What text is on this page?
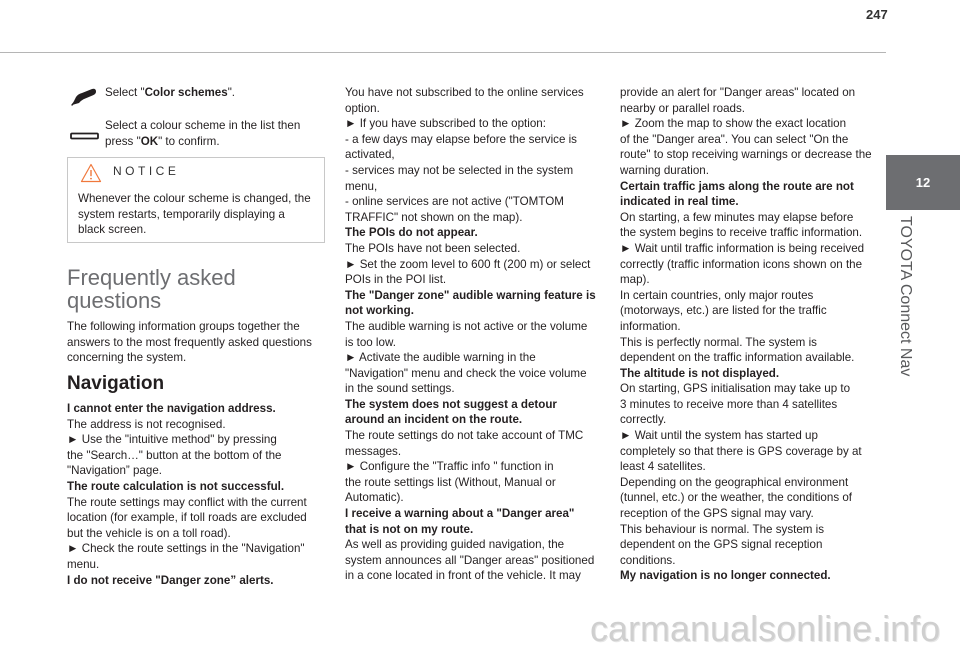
247
12
TOYOTA Connect Nav
Select "Color schemes".
Select a colour scheme in the list then
press "OK" to confirm.
NOTICE
Whenever the colour scheme is changed, the
system restarts, temporarily displaying a
black screen.
Frequently asked
questions
The following information groups together the
answers to the most frequently asked questions
concerning the system.
Navigation
I cannot enter the navigation address.
The address is not recognised.
► Use the "intuitive method" by pressing
the "Search…" button at the bottom of the
"Navigation” page.
The route calculation is not successful.
The route settings may conflict with the current
location (for example, if toll roads are excluded
but the vehicle is on a toll road).
► Check the route settings in the "Navigation"
menu.
I do not receive "Danger zone” alerts.
You have not subscribed to the online services
option.
► If you have subscribed to the option:
- a few days may elapse before the service is
activated,
- services may not be selected in the system
menu,
- online services are not active ("TOMTOM
TRAFFIC" not shown on the map).
The POIs do not appear.
The POIs have not been selected.
► Set the zoom level to 600 ft (200 m) or select
POIs in the POI list.
The "Danger zone" audible warning feature is
not working.
The audible warning is not active or the volume
is too low.
► Activate the audible warning in the
"Navigation" menu and check the voice volume
in the sound settings.
The system does not suggest a detour
around an incident on the route.
The route settings do not take account of TMC
messages.
► Configure the "Traffic info " function in
the route settings list (Without, Manual or
Automatic).
I receive a warning about a "Danger area"
that is not on my route.
As well as providing guided navigation, the
system announces all "Danger areas" positioned
in a cone located in front of the vehicle. It may
provide an alert for "Danger areas" located on
nearby or parallel roads.
► Zoom the map to show the exact location
of the "Danger area". You can select "On the
route" to stop receiving warnings or decrease the
warning duration.
Certain traffic jams along the route are not
indicated in real time.
On starting, a few minutes may elapse before
the system begins to receive traffic information.
► Wait until traffic information is being received
correctly (traffic information icons shown on the
map).
In certain countries, only major routes
(motorways, etc.) are listed for the traffic
information.
This is perfectly normal. The system is
dependent on the traffic information available.
The altitude is not displayed.
On starting, GPS initialisation may take up to
3 minutes to receive more than 4 satellites
correctly.
► Wait until the system has started up
completely so that there is GPS coverage by at
least 4 satellites.
Depending on the geographical environment
(tunnel, etc.) or the weather, the conditions of
reception of the GPS signal may vary.
This behaviour is normal. The system is
dependent on the GPS signal reception
conditions.
My navigation is no longer connected.
carmanualsonline.info
